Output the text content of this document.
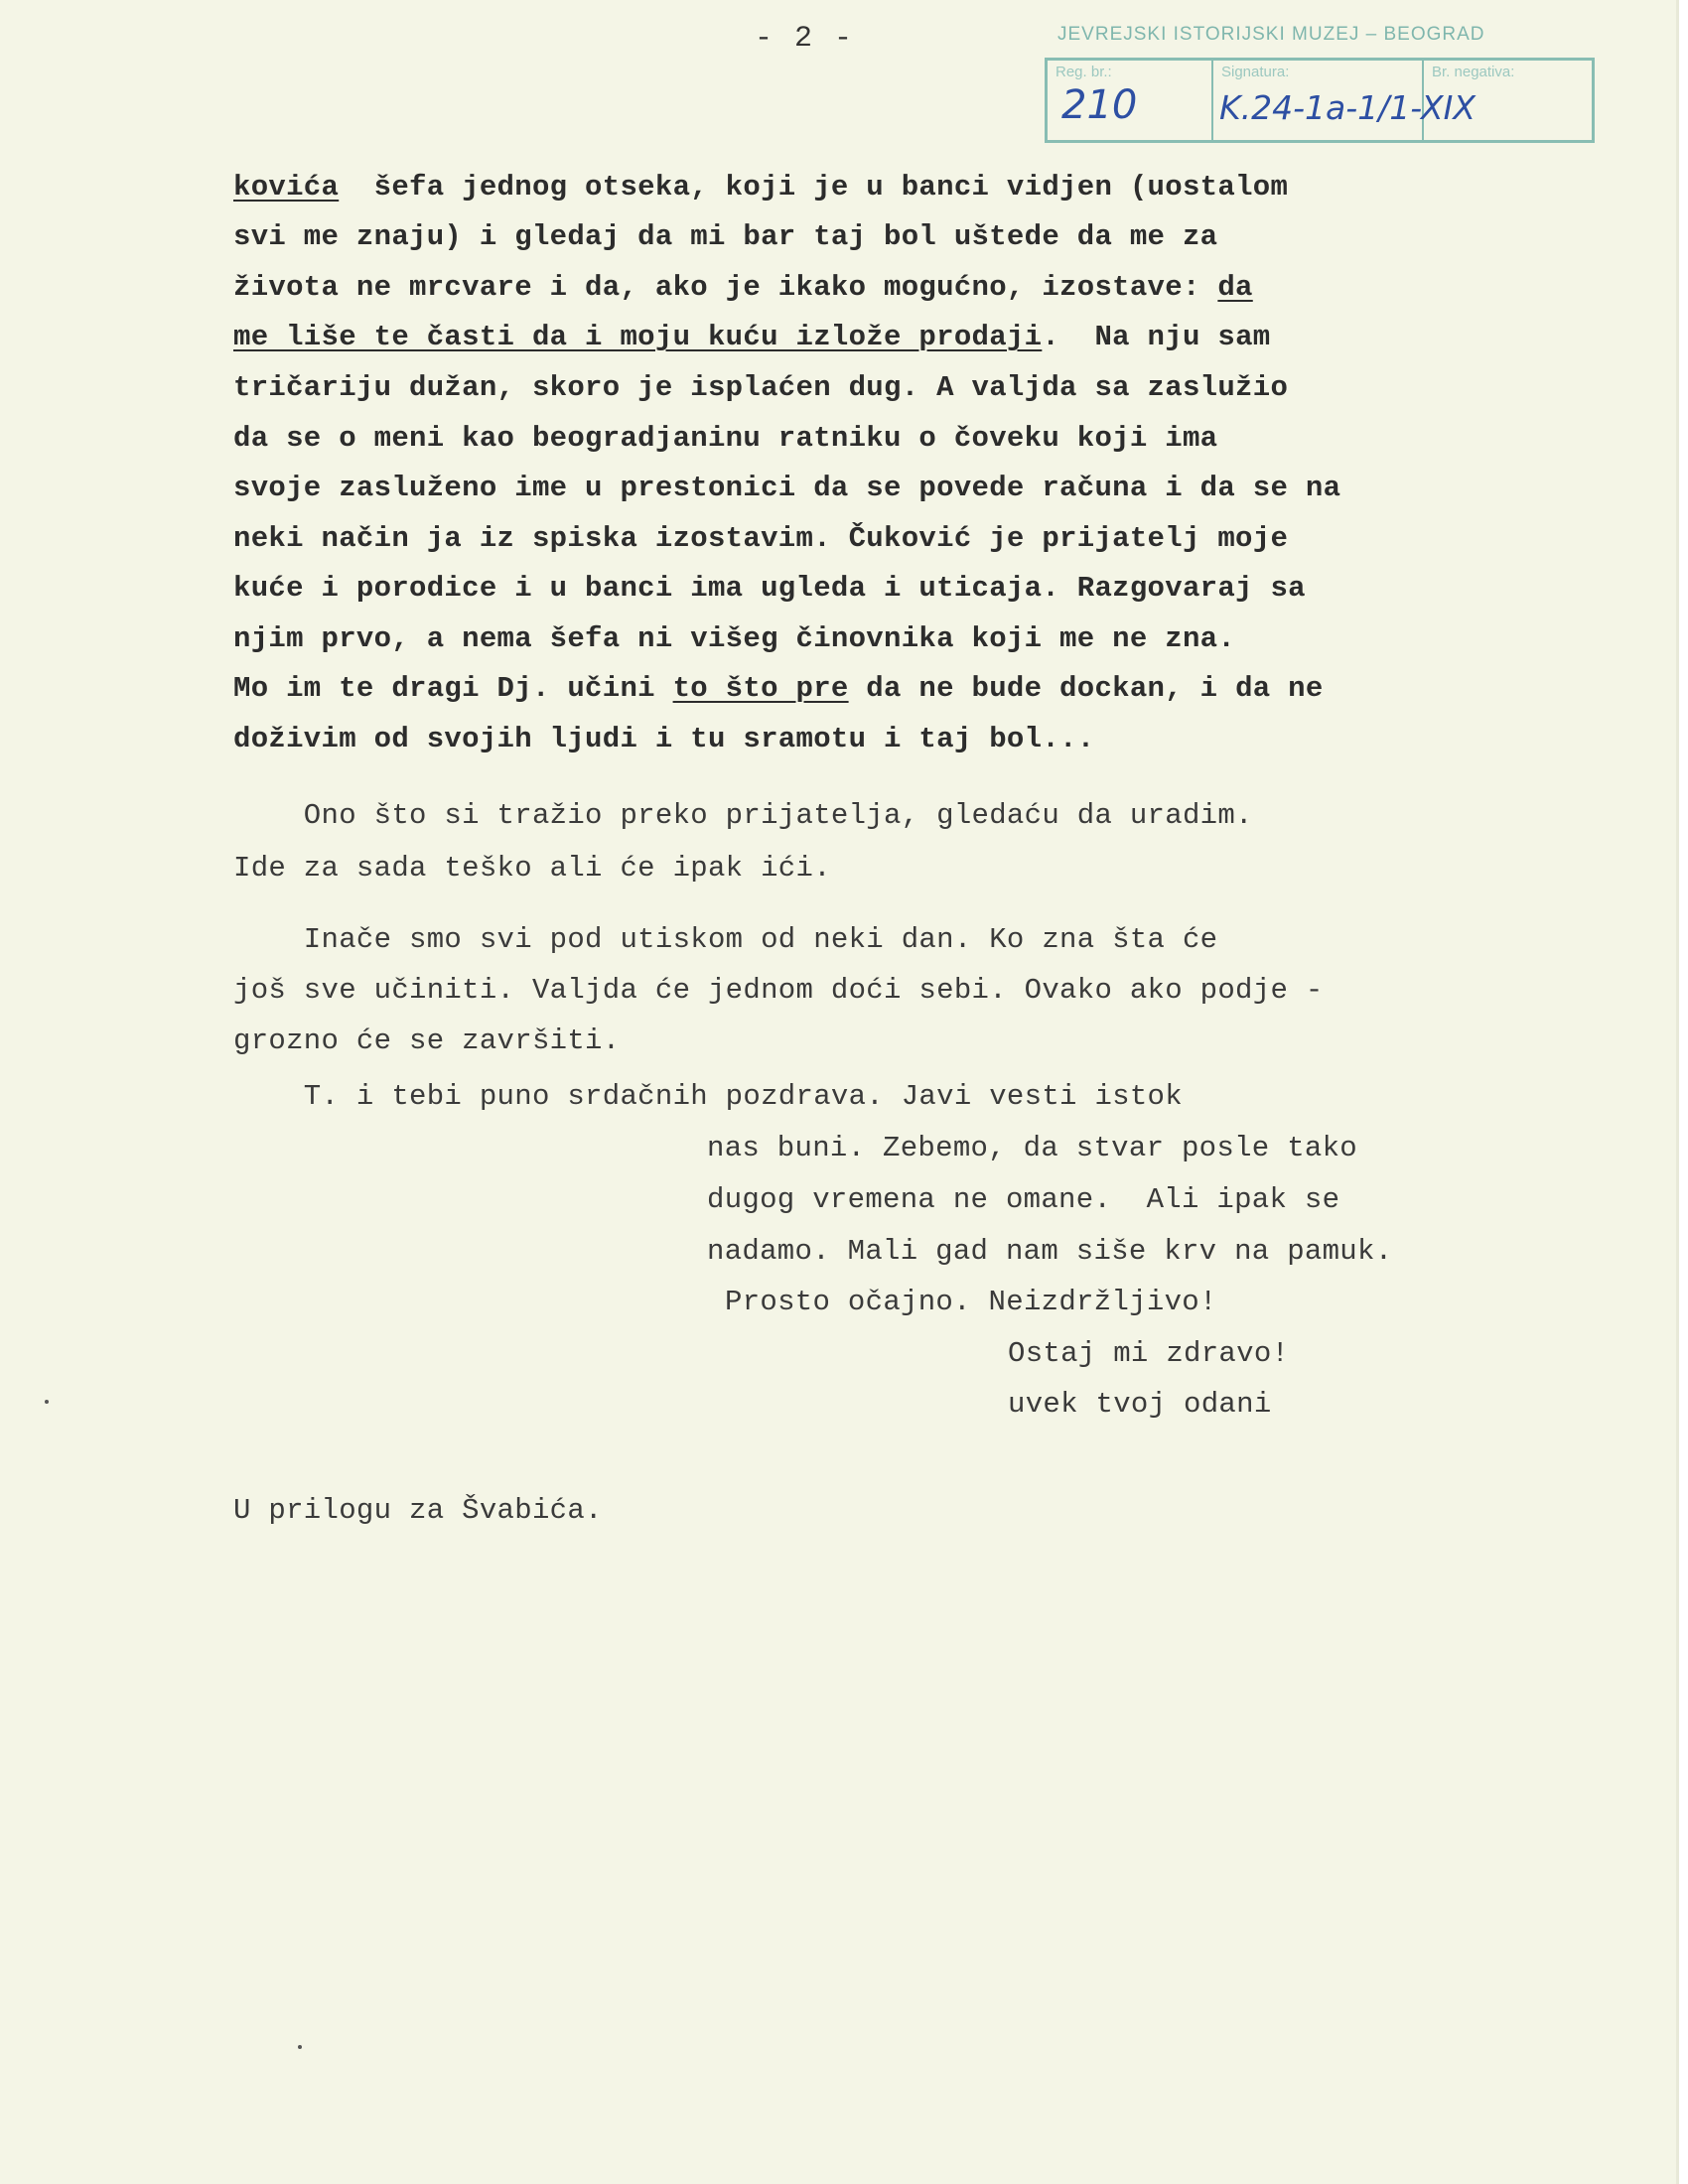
- 2 -	JEVREJSKI ISTORIJSKI MUZEJ – BEOGRAD
Reg. br.:
210
Signatura:
K.24-1a-1/1-XIX
Br. negativa:
kovića  šefa jednog otseka, koji je u banci vidjen (uostalom
svi me znaju) i gledaj da mi bar taj bol uštede da me za
života ne mrcvare i da, ako je ikako mogućno, izostave: da
me liše te časti da i moju kuću izlože prodaji.  Na nju sam
tričariju dužan, skoro je isplaćen dug. A valjda sa zaslužio
da se o meni kao beogradjaninu ratniku o čoveku koji ima
svoje zasluženo ime u prestonici da se povede računa i da se na
neki način ja iz spiska izostavim. Čuković je prijatelj moje
kuće i porodice i u banci ima ugleda i uticaja. Razgovaraj sa
njim prvo, a nema šefa ni višeg činovnika koji me ne zna.
Mo im te dragi Dj. učini to što pre da ne bude dockan, i da ne
doživim od svojih ljudi i tu sramotu i taj bol...
Ono što si tražio preko prijatelja, gledaću da uradim.
Ide za sada teško ali će ipak ići.
Inače smo svi pod utiskom od neki dan. Ko zna šta će
još sve učiniti. Valjda će jednom doći sebi. Ovako ako podje -
grozno će se završiti.
T. i tebi puno srdačnih pozdrava. Javi vesti istok
nas buni. Zebemo, da stvar posle tako
dugog vremena ne omane.  Ali ipak se
nadamo. Mali gad nam siše krv na pamuk.
Prosto očajno. Neizdržljivo!
Ostaj mi zdravo!
uvek tvoj odani
U prilogu za Švabića.
